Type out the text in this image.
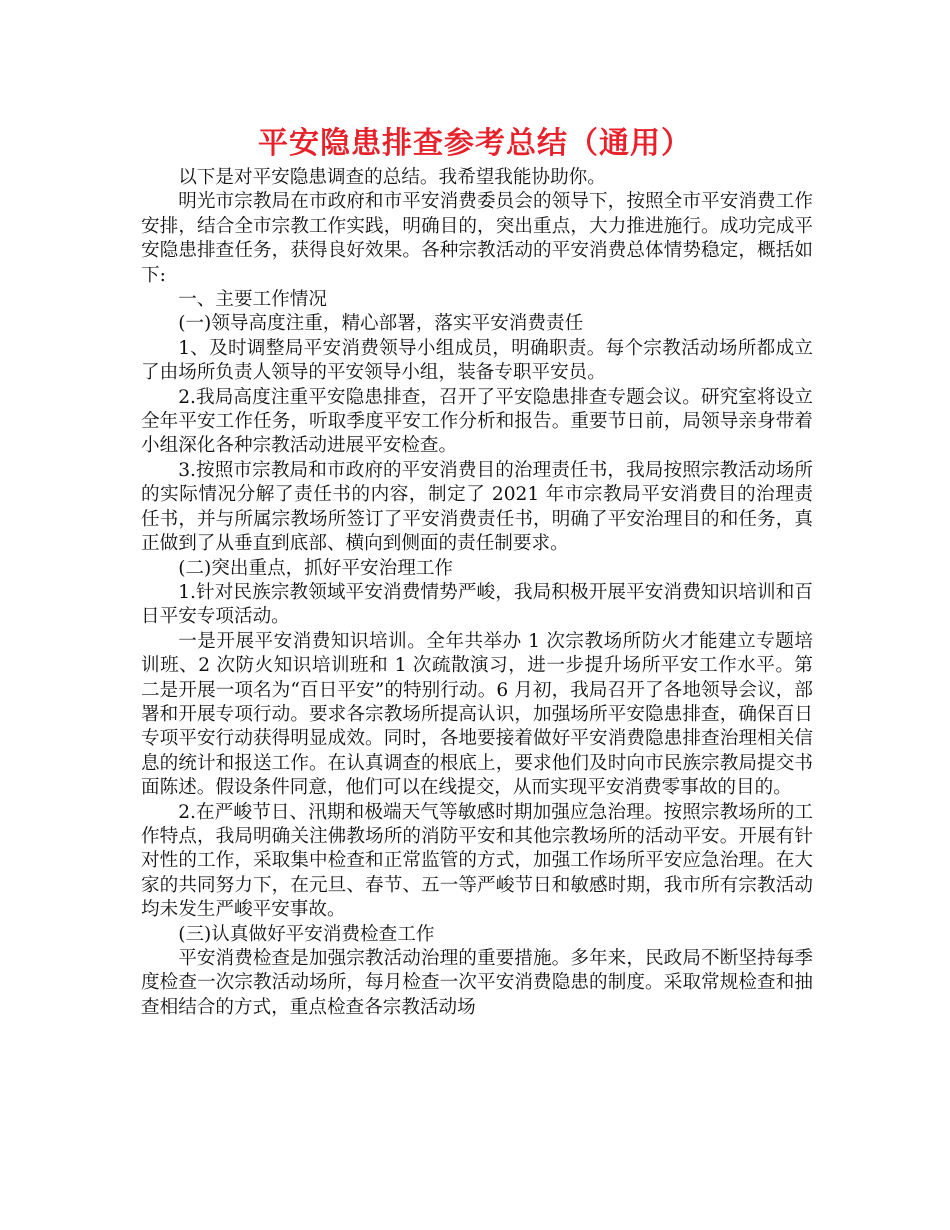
平安隐患排查参考总结（通用）

以下是对平安隐患调查的总结。我希望我能协助你。

明光市宗教局在市政府和市平安消费委员会的领导下，按照全市平安消费工作安排，结合全市宗教工作实践，明确目的，突出重点，大力推进施行。成功完成平安隐患排查任务，获得良好效果。各种宗教活动的平安消费总体情势稳定，概括如下:

一、主要工作情况

(一)领导高度注重，精心部署，落实平安消费责任

1、及时调整局平安消费领导小组成员，明确职责。每个宗教活动场所都成立了由场所负责人领导的平安领导小组，装备专职平安员。

2.我局高度注重平安隐患排查，召开了平安隐患排查专题会议。研究室将设立全年平安工作任务，听取季度平安工作分析和报告。重要节日前，局领导亲身带着小组深化各种宗教活动进展平安检查。

3.按照市宗教局和市政府的平安消费目的治理责任书，我局按照宗教活动场所的实际情况分解了责任书的内容，制定了 2021 年市宗教局平安消费目的治理责任书，并与所属宗教场所签订了平安消费责任书，明确了平安治理目的和任务，真正做到了从垂直到底部、横向到侧面的责任制要求。

(二)突出重点，抓好平安治理工作

1.针对民族宗教领域平安消费情势严峻，我局积极开展平安消费知识培训和百日平安专项活动。

一是开展平安消费知识培训。全年共举办 1 次宗教场所防火才能建立专题培训班、2 次防火知识培训班和 1 次疏散演习，进一步提升场所平安工作水平。第二是开展一项名为“百日平安”的特别行动。6 月初，我局召开了各地领导会议，部署和开展专项行动。要求各宗教场所提高认识，加强场所平安隐患排查，确保百日专项平安行动获得明显成效。同时，各地要接着做好平安消费隐患排查治理相关信息的统计和报送工作。在认真调查的根底上，要求他们及时向市民族宗教局提交书面陈述。假设条件同意，他们可以在线提交，从而实现平安消费零事故的目的。

2.在严峻节日、汛期和极端天气等敏感时期加强应急治理。按照宗教场所的工作特点，我局明确关注佛教场所的消防平安和其他宗教场所的活动平安。开展有针对性的工作，采取集中检查和正常监管的方式，加强工作场所平安应急治理。在大家的共同努力下，在元旦、春节、五一等严峻节日和敏感时期，我市所有宗教活动均未发生严峻平安事故。

(三)认真做好平安消费检查工作

平安消费检查是加强宗教活动治理的重要措施。多年来，民政局不断坚持每季度检查一次宗教活动场所，每月检查一次平安消费隐患的制度。采取常规检查和抽查相结合的方式，重点检查各宗教活动场
